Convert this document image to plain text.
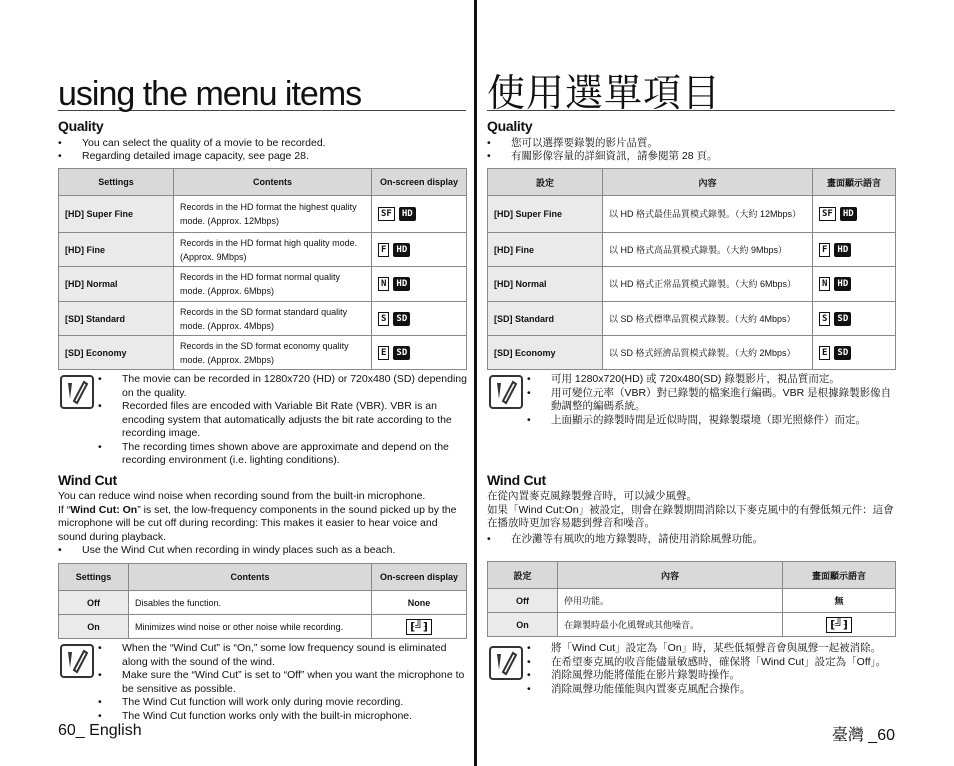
using the menu items
Quality
• You can select the quality of a movie to be recorded.
• Regarding detailed image capacity, see page 28.
Settings	Contents	On-screen display
[HD] Super Fine	Records in the HD format the highest quality mode. (Approx. 12Mbps)	SF HD
[HD] Fine	Records in the HD format high quality mode. (Approx. 9Mbps)	F HD
[HD] Normal	Records in the HD format normal quality mode. (Approx. 6Mbps)	N HD
[SD] Standard	Records in the SD format standard quality mode. (Approx. 4Mbps)	S SD
[SD] Economy	Records in the SD format economy quality mode. (Approx. 2Mbps)	E SD
• The movie can be recorded in 1280x720 (HD) or 720x480 (SD) depending on the quality.
• Recorded files are encoded with Variable Bit Rate (VBR). VBR is an encoding system that automatically adjusts the bit rate according to the recording image.
• The recording times shown above are approximate and depend on the recording environment (i.e. lighting conditions).
Wind Cut
You can reduce wind noise when recording sound from the built-in microphone.
If “Wind Cut: On” is set, the low-frequency components in the sound picked up by the microphone will be cut off during recording: This makes it easier to hear voice and sound during playback.
• Use the Wind Cut when recording in windy places such as a beach.
Settings	Contents	On-screen display
Off	Disables the function.	None
On	Minimizes wind noise or other noise while recording.	⁅╝⁆
• When the “Wind Cut” is “On,” some low frequency sound is eliminated along with the sound of the wind.
• Make sure the “Wind Cut” is set to “Off” when you want the microphone to be sensitive as possible.
• The Wind Cut function will work only during movie recording.
• The Wind Cut function works only with the built-in microphone.
60_ English
使用選單項目
Quality
• 您可以選擇要錄製的影片品質。
• 有關影像容量的詳細資訊，請參閱第 28 頁。
設定	內容	畫面顯示語言
[HD] Super Fine	以 HD 格式最佳品質模式錄製。（大約 12Mbps）	SF HD
[HD] Fine	以 HD 格式高品質模式錄製。（大約 9Mbps）	F HD
[HD] Normal	以 HD 格式正常品質模式錄製。（大約 6Mbps）	N HD
[SD] Standard	以 SD 格式標準品質模式錄製。（大約 4Mbps）	S SD
[SD] Economy	以 SD 格式經濟品質模式錄製。（大約 2Mbps）	E SD
• 可用 1280x720(HD) 或 720x480(SD) 錄製影片，視品質而定。
• 用可變位元率（VBR）對已錄製的檔案進行編碼。VBR 是根據錄製影像自動調整的編碼系統。
• 上面顯示的錄製時間是近似時間，視錄製環境（即光照條件）而定。
Wind Cut
在從內置麥克風錄製聲音時，可以減少風聲。
如果「Wind Cut:On」被設定，則會在錄製期間消除以下麥克風中的有聲低頻元件：這會在播放時更加容易聽到聲音和噪音。
• 在沙灘等有風吹的地方錄製時，請使用消除風聲功能。
設定	內容	畫面顯示語言
Off	停用功能。	無
On	在錄製時最小化風聲或其他噪音。	⁅╝⁆
• 將「Wind Cut」設定為「On」時，某些低頻聲音會與風聲一起被消除。
• 在希望麥克風的收音能儘量敏感時，確保將「Wind Cut」設定為「Off」。
• 消除風聲功能將僅能在影片錄製時操作。
• 消除風聲功能僅能與內置麥克風配合操作。
臺灣 _60
